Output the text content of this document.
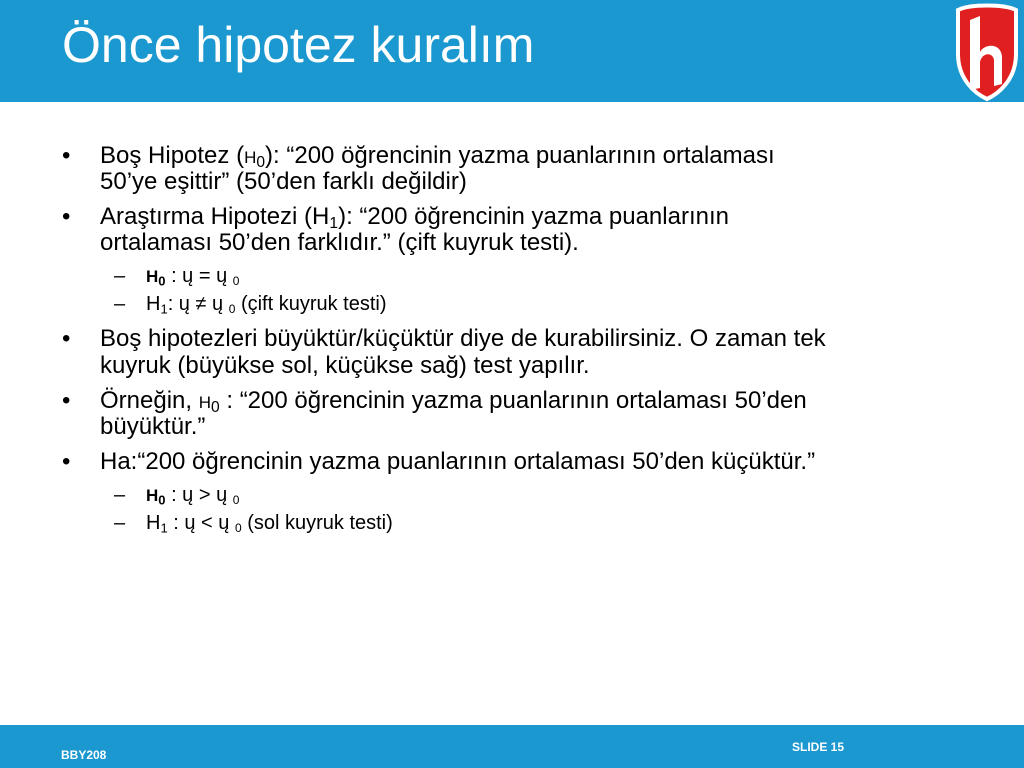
Önce hipotez kuralım
• Boş Hipotez $(H_0)$: “200 öğrencinin yazma puanlarının ortalaması
50’ye eşittir” (50’den farklı değildir)
• Araştırma Hipotezi $(H_1)$: “200 öğrencinin yazma puanlarının
ortalaması 50’den farklıdır.” (çift kuyruk testi).
– $H_0$ : ų = ų $_0$
– $H_1$: ų ≠ ų $_0$ (çift kuyruk testi)
• Boş hipotezleri büyüktür/küçüktür diye de kurabilirsiniz. O zaman tek
kuyruk (büyükse sol, küçükse sağ) test yapılır.
• Örneğin, $H_0$ : “200 öğrencinin yazma puanlarının ortalaması 50’den
büyüktür.”
• Ha:“200 öğrencinin yazma puanlarının ortalaması 50’den küçüktür.”
– $H_0$ : ų > ų $_0$
– $H_1$ : ų < ų $_0$ (sol kuyruk testi)
BBY208
SLIDE 15
